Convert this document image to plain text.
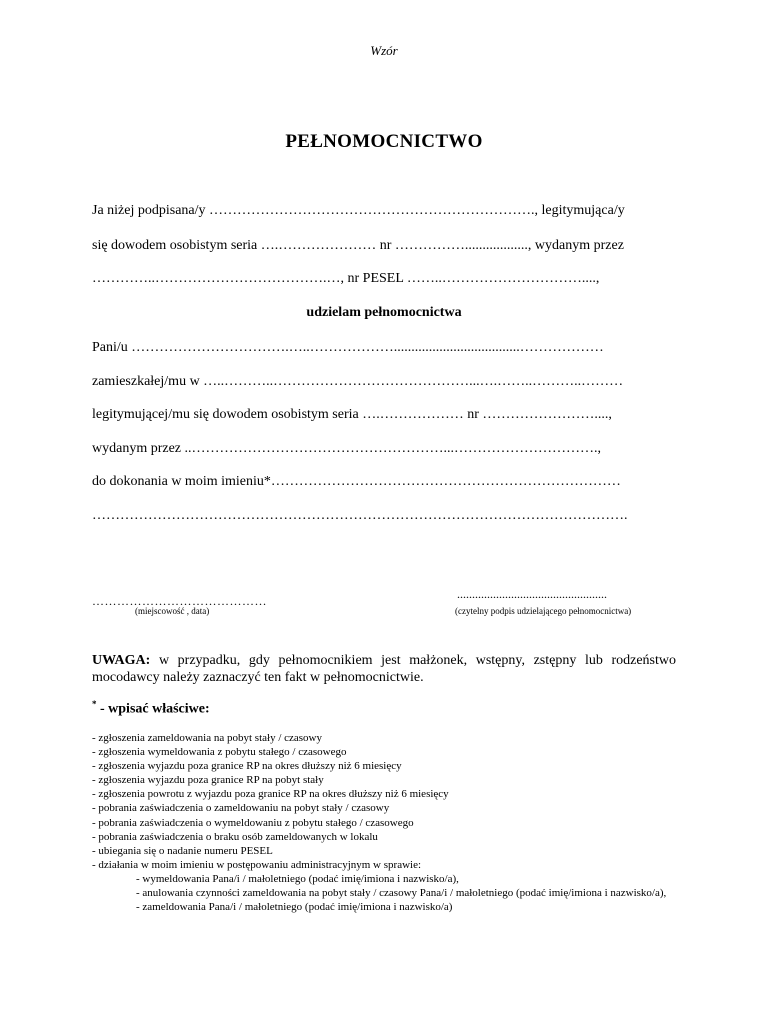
Wzór
PEŁNOMOCNICTWO
Ja niżej podpisana/y ……………………………………………………………., legitymująca/y
się dowodem osobistym seria ….………………… nr …………….................., wydanym przez
…………..……………………………….…, nr PESEL ……..…………………………....,
udzielam pełnomocnictwa
Pani/u …………………………….…..………………....................................………………
zamieszkałej/mu w …..………..……………………………………...….……..………..………
legitymującej/mu się dowodem osobistym seria ….……………… nr ……………………....,
wydanym przez ..………………………………………………...………………………….,
do dokonania w moim imieniu*…………………………………………………………………
…………………………………………………………………………………………………….
……………………………………
(miejscowość , data)
..................................................
(czytelny podpis udzielającego pełnomocnictwa)
UWAGA: w przypadku, gdy pełnomocnikiem jest małżonek, wstępny, zstępny lub rodzeństwo mocodawcy należy zaznaczyć ten fakt w pełnomocnictwie.
* - wpisać właściwe:
- zgłoszenia zameldowania na pobyt stały / czasowy
- zgłoszenia wymeldowania z pobytu stałego / czasowego
- zgłoszenia wyjazdu poza granice RP na okres dłuższy niż 6 miesięcy
- zgłoszenia wyjazdu poza granice RP na pobyt stały
- zgłoszenia powrotu z wyjazdu poza granice RP na okres dłuższy niż 6 miesięcy
- pobrania zaświadczenia o zameldowaniu na pobyt stały / czasowy
- pobrania zaświadczenia o wymeldowaniu z pobytu stałego / czasowego
- pobrania zaświadczenia o braku osób zameldowanych w lokalu
- ubiegania się o nadanie numeru PESEL
- działania w moim imieniu w postępowaniu administracyjnym w sprawie:
- wymeldowania Pana/i / małoletniego (podać imię/imiona i nazwisko/a),
- anulowania czynności zameldowania na pobyt stały / czasowy Pana/i / małoletniego (podać imię/imiona i nazwisko/a),
- zameldowania Pana/i / małoletniego (podać imię/imiona i nazwisko/a)
